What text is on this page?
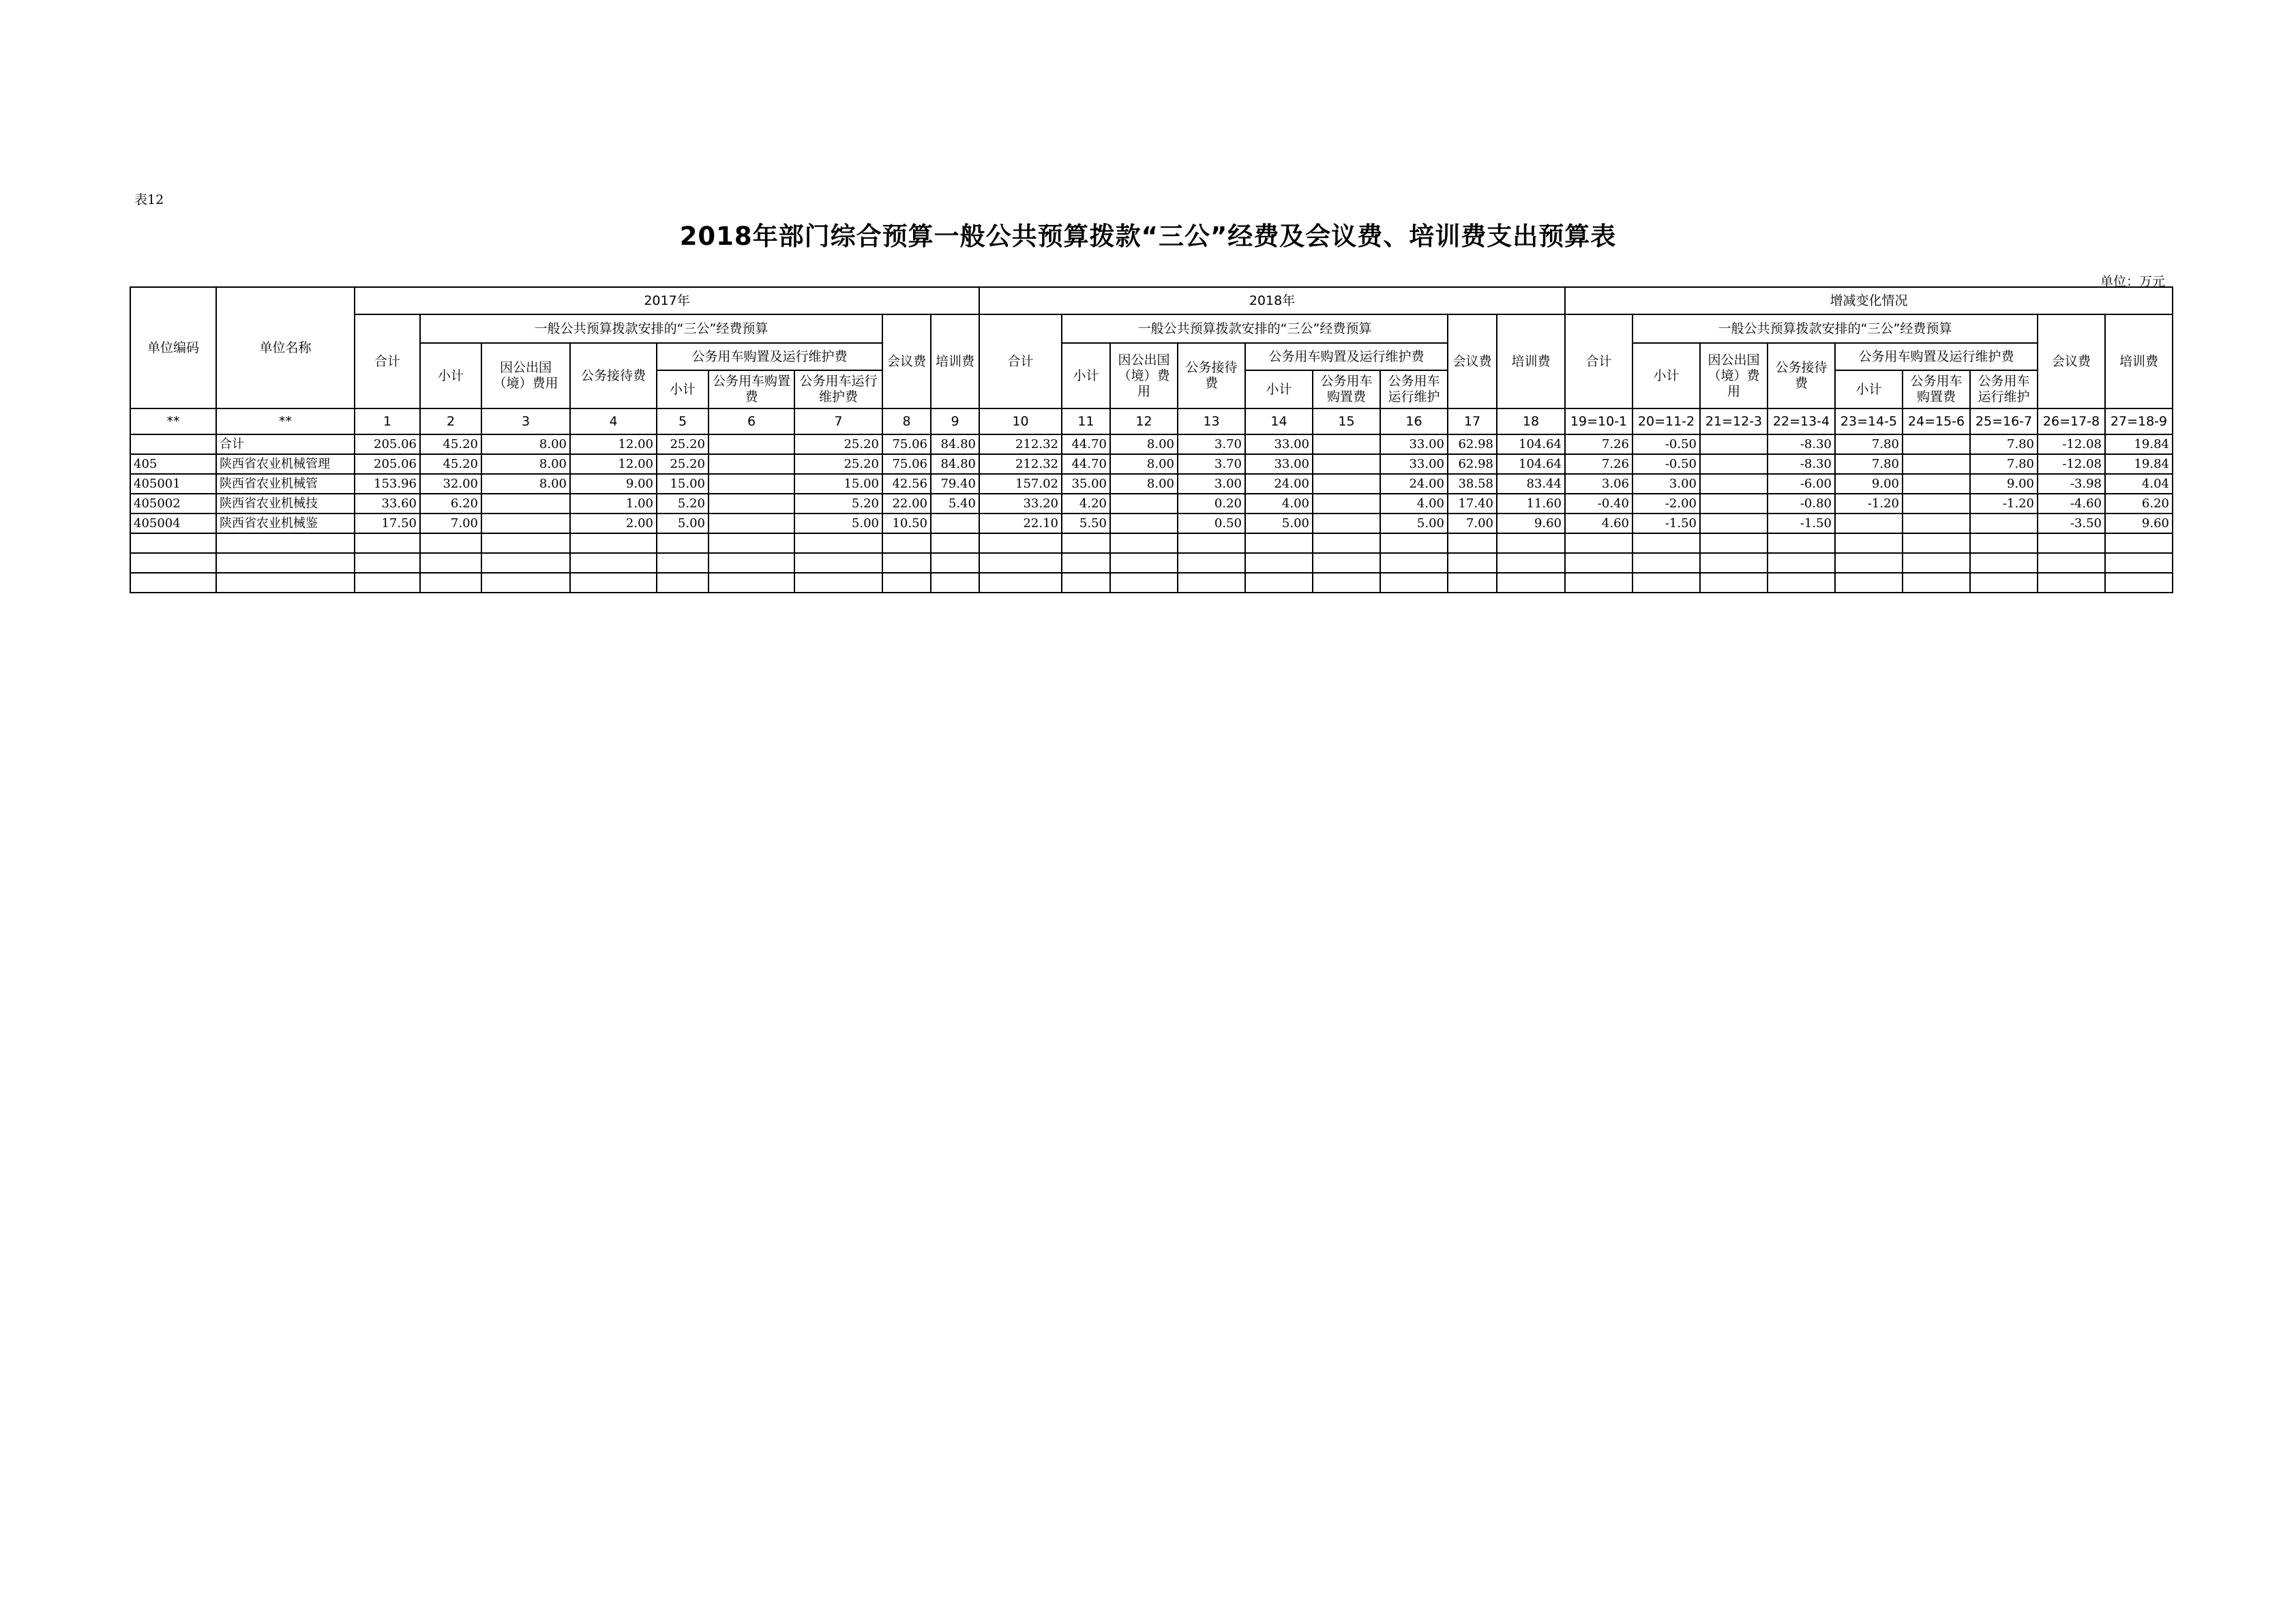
表12
2018年部门综合预算一般公共预算拨款“三公”经费及会议费、培训费支出预算表
单位：万元
单位编码	单位名称	2017年									2018年									增减变化情况								
		合计	一般公共预算拨款安排的“三公”经费预算						会议费	培训费	合计	一般公共预算拨款安排的“三公”经费预算						会议费	培训费	合计	一般公共预算拨款安排的“三公”经费预算						会议费	培训费
			小计	因公出国（境）费用	公务接待费	公务用车购置及运行维护费						小计	因公出国（境）费用	公务接待费	公务用车购置及运行维护费						小计	因公出国（境）费用	公务接待费	公务用车购置及运行维护费				
						小计	公务用车购置费	公务用车运行维护费							小计	公务用车购置费	公务用车运行维护							小计	公务用车购置费	公务用车运行维护		
**	**	1	2	3	4	5	6	7	8	9	10	11	12	13	14	15	16	17	18	19=10-1	20=11-2	21=12-3	22=13-4	23=14-5	24=15-6	25=16-7	26=17-8	27=18-9
	合计	205.06	45.20	8.00	12.00	25.20		25.20	75.06	84.80	212.32	44.70	8.00	3.70	33.00		33.00	62.98	104.64	7.26	-0.50		-8.30	7.80		7.80	-12.08	19.84
405	陕西省农业机械管理	205.06	45.20	8.00	12.00	25.20		25.20	75.06	84.80	212.32	44.70	8.00	3.70	33.00		33.00	62.98	104.64	7.26	-0.50		-8.30	7.80		7.80	-12.08	19.84
405001	陕西省农业机械管	153.96	32.00	8.00	9.00	15.00		15.00	42.56	79.40	157.02	35.00	8.00	3.00	24.00		24.00	38.58	83.44	3.06	3.00		-6.00	9.00		9.00	-3.98	4.04
405002	陕西省农业机械技	33.60	6.20		1.00	5.20		5.20	22.00	5.40	33.20	4.20		0.20	4.00		4.00	17.40	11.60	-0.40	-2.00		-0.80	-1.20		-1.20	-4.60	6.20
405004	陕西省农业机械鉴	17.50	7.00		2.00	5.00		5.00	10.50		22.10	5.50		0.50	5.00		5.00	7.00	9.60	4.60	-1.50		-1.50				-3.50	9.60
